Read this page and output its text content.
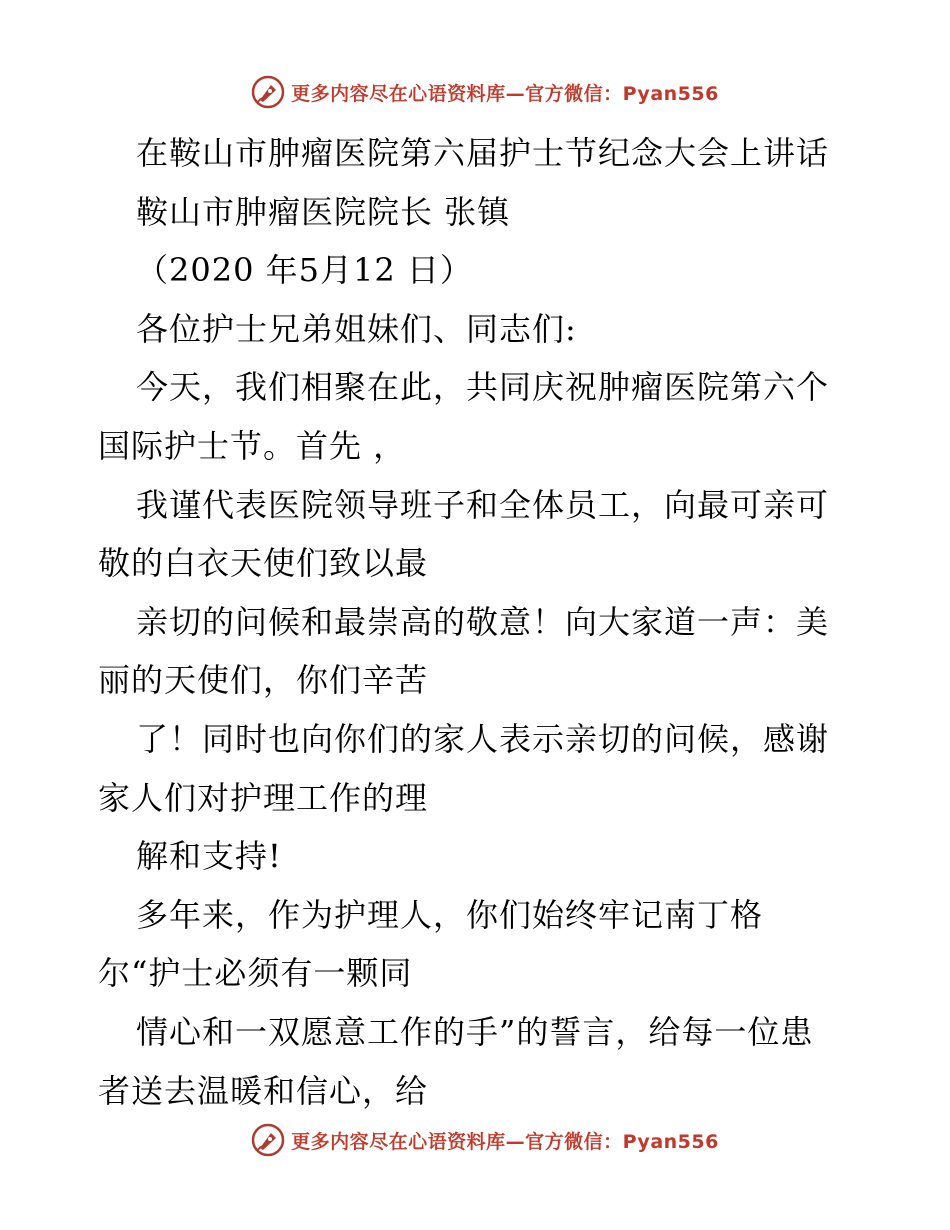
更多内容尽在心语资料库—官方微信：Pyan556
在鞍山市肿瘤医院第六届护士节纪念大会上讲话
鞍山市肿瘤医院院长 张镇
（2020 年5月12 日）
各位护士兄弟姐妹们、同志们:
今天，我们相聚在此，共同庆祝肿瘤医院第六个
国际护士节。首先 ，
我谨代表医院领导班子和全体员工，向最可亲可
敬的白衣天使们致以最
亲切的问候和最崇高的敬意！向大家道一声：美
丽的天使们，你们辛苦
了！同时也向你们的家人表示亲切的问候，感谢
家人们对护理工作的理
解和支持!
多年来，作为护理人，你们始终牢记南丁格
尔“护士必须有一颗同
情心和一双愿意工作的手”的誓言，给每一位患
者送去温暖和信心，给
更多内容尽在心语资料库—官方微信：Pyan556
